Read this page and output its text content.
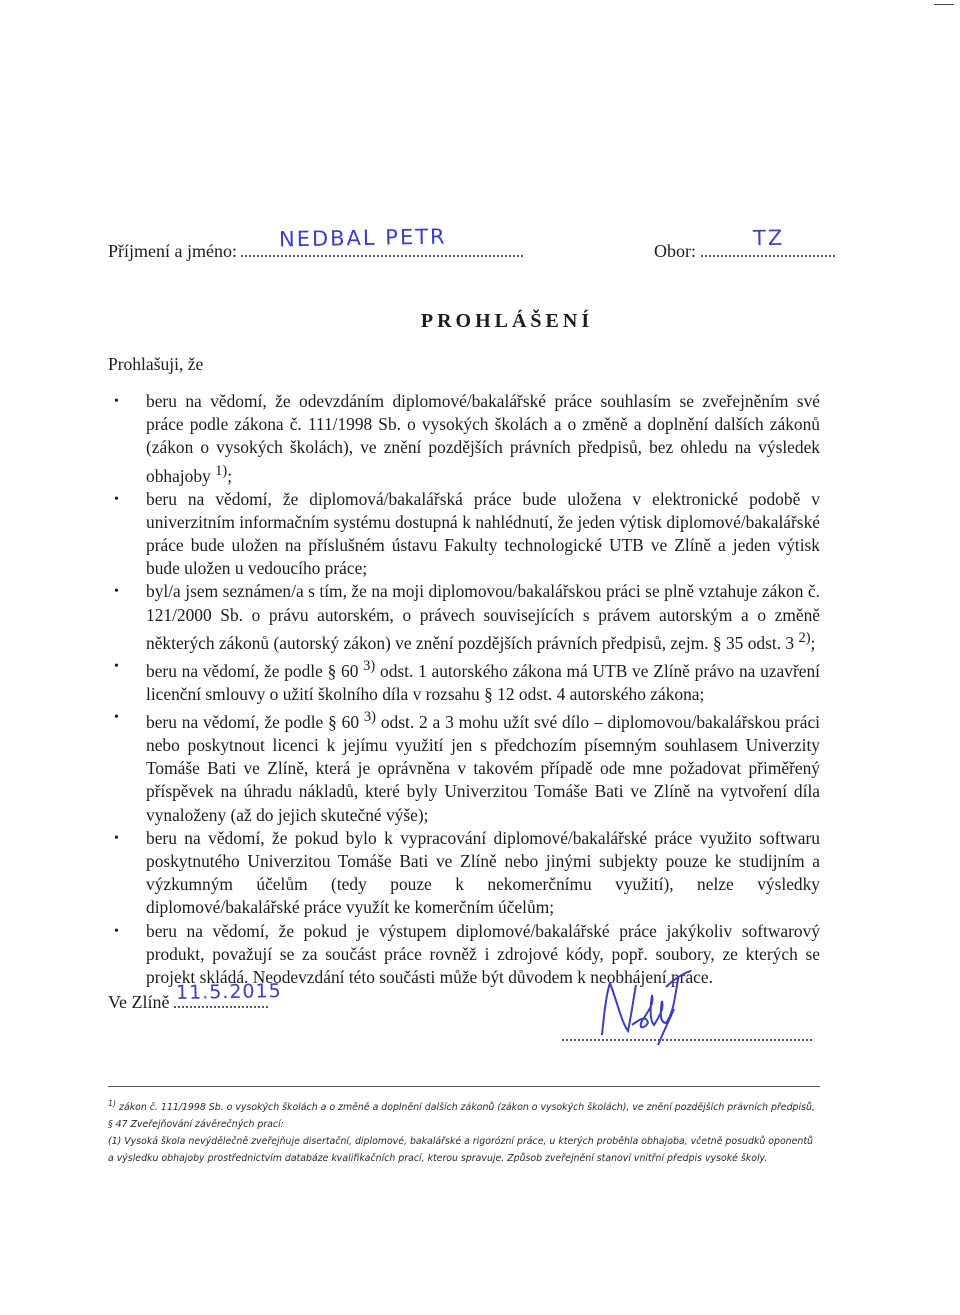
Příjmení a jméno: NEDBAL PETR	Obor:
TZ
PROHLÁŠENÍ
Prohlašuji, že
• beru na vědomí, že odevzdáním diplomové/bakalářské práce souhlasím se zveřejněním své práce podle zákona č. 111/1998 Sb. o vysokých školách a o změně a doplnění dalších zákonů (zákon o vysokých školách), ve znění pozdějších právních předpisů, bez ohledu na výsledek obhajoby $^{1)}$;
• beru na vědomí, že diplomová/bakalářská práce bude uložena v elektronické podobě v univerzitním informačním systému dostupná k nahlédnutí, že jeden výtisk diplomové/bakalářské práce bude uložen na příslušném ústavu Fakulty technologické UTB ve Zlíně a jeden výtisk bude uložen u vedoucího práce;
• byl/a jsem seznámen/a s tím, že na moji diplomovou/bakalářskou práci se plně vztahuje zákon č. 121/2000 Sb. o právu autorském, o právech souvisejících s právem autorským a o změně některých zákonů (autorský zákon) ve znění pozdějších právních předpisů, zejm. § 35 odst. 3 $^{2)}$;
• beru na vědomí, že podle § 60 $^{3)}$ odst. 1 autorského zákona má UTB ve Zlíně právo na uzavření licenční smlouvy o užití školního díla v rozsahu § 12 odst. 4 autorského zákona;
• beru na vědomí, že podle § 60 $^{3)}$ odst. 2 a 3 mohu užít své dílo – diplomovou/bakalářskou práci nebo poskytnout licenci k jejímu využití jen s předchozím písemným souhlasem Univerzity Tomáše Bati ve Zlíně, která je oprávněna v takovém případě ode mne požadovat přiměřený příspěvek na úhradu nákladů, které byly Univerzitou Tomáše Bati ve Zlíně na vytvoření díla vynaloženy (až do jejich skutečné výše);
• beru na vědomí, že pokud bylo k vypracování diplomové/bakalářské práce využito softwaru poskytnutého Univerzitou Tomáše Bati ve Zlíně nebo jinými subjekty pouze ke studijním a výzkumným účelům (tedy pouze k nekomerčnímu využití), nelze výsledky diplomové/bakalářské práce využít ke komerčním účelům;
• beru na vědomí, že pokud je výstupem diplomové/bakalářské práce jakýkoliv softwarový produkt, považují se za součást práce rovněž i zdrojové kódy, popř. soubory, ze kterých se projekt skládá. Neodevzdání této součásti může být důvodem k neobhájení práce.
Ve Zlíně 11.5.2015

$^{1)}$ zákon č. 111/1998 Sb. o vysokých školách a o změně a doplnění dalších zákonů (zákon o vysokých školách), ve znění pozdějších právních předpisů, § 47 Zveřejňování závěrečných prací:

(1) Vysoká škola nevýdělečně zveřejňuje disertační, diplomové, bakalářské a rigorózní práce, u kterých proběhla obhajoba, včetně posudků oponentů a výsledku obhajoby prostřednictvím databáze kvalifikačních prací, kterou spravuje. Způsob zveřejnění stanoví vnitřní předpis vysoké školy.
